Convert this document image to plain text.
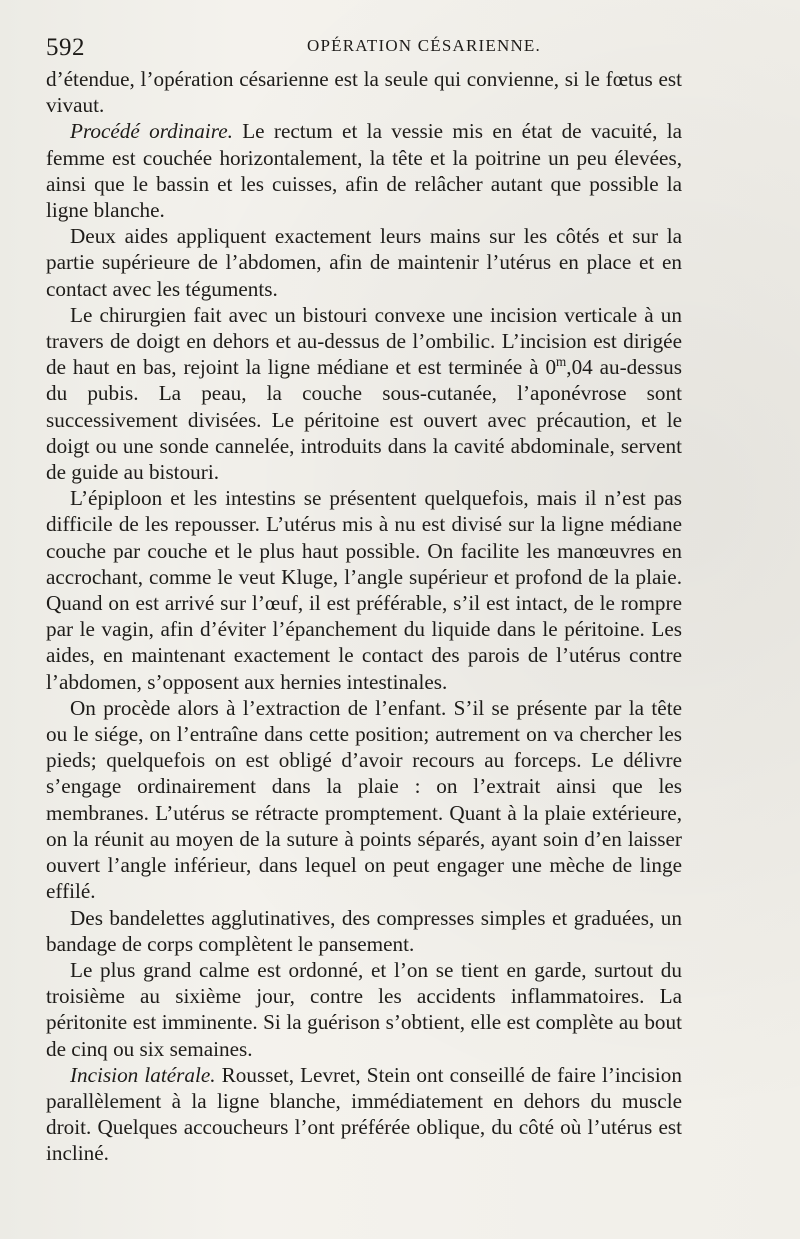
592	OPÉRATION CÉSARIENNE.

d’étendue, l’opération césarienne est la seule qui convienne, si le fœtus est vivaut.

Procédé ordinaire. Le rectum et la vessie mis en état de vacuité, la femme est couchée horizontalement, la tête et la poitrine un peu élevées, ainsi que le bassin et les cuisses, afin de relâcher autant que possible la ligne blanche.

Deux aides appliquent exactement leurs mains sur les côtés et sur la partie supérieure de l’abdomen, afin de maintenir l’utérus en place et en contact avec les téguments.

Le chirurgien fait avec un bistouri convexe une incision verticale à un travers de doigt en dehors et au-dessus de l’ombilic. L’incision est dirigée de haut en bas, rejoint la ligne médiane et est terminée à 0$^m$,04 au-dessus du pubis. La peau, la couche sous-cutanée, l’aponévrose sont successivement divisées. Le péritoine est ouvert avec précaution, et le doigt ou une sonde cannelée, introduits dans la cavité abdominale, servent de guide au bistouri.

L’épiploon et les intestins se présentent quelquefois, mais il n’est pas difficile de les repousser. L’utérus mis à nu est divisé sur la ligne médiane couche par couche et le plus haut possible. On facilite les manœuvres en accrochant, comme le veut Kluge, l’angle supérieur et profond de la plaie. Quand on est arrivé sur l’œuf, il est préférable, s’il est intact, de le rompre par le vagin, afin d’éviter l’épanchement du liquide dans le péritoine. Les aides, en maintenant exactement le contact des parois de l’utérus contre l’abdomen, s’opposent aux hernies intestinales.

On procède alors à l’extraction de l’enfant. S’il se présente par la tête ou le siége, on l’entraîne dans cette position; autrement on va chercher les pieds; quelquefois on est obligé d’avoir recours au forceps. Le délivre s’engage ordinairement dans la plaie : on l’extrait ainsi que les membranes. L’utérus se rétracte promptement. Quant à la plaie extérieure, on la réunit au moyen de la suture à points séparés, ayant soin d’en laisser ouvert l’angle inférieur, dans lequel on peut engager une mèche de linge effilé.

Des bandelettes agglutinatives, des compresses simples et graduées, un bandage de corps complètent le pansement.

Le plus grand calme est ordonné, et l’on se tient en garde, surtout du troisième au sixième jour, contre les accidents inflammatoires. La péritonite est imminente. Si la guérison s’obtient, elle est complète au bout de cinq ou six semaines.

Incision latérale. Rousset, Levret, Stein ont conseillé de faire l’incision parallèlement à la ligne blanche, immédiatement en dehors du muscle droit. Quelques accoucheurs l’ont préférée oblique, du côté où l’utérus est incliné.
